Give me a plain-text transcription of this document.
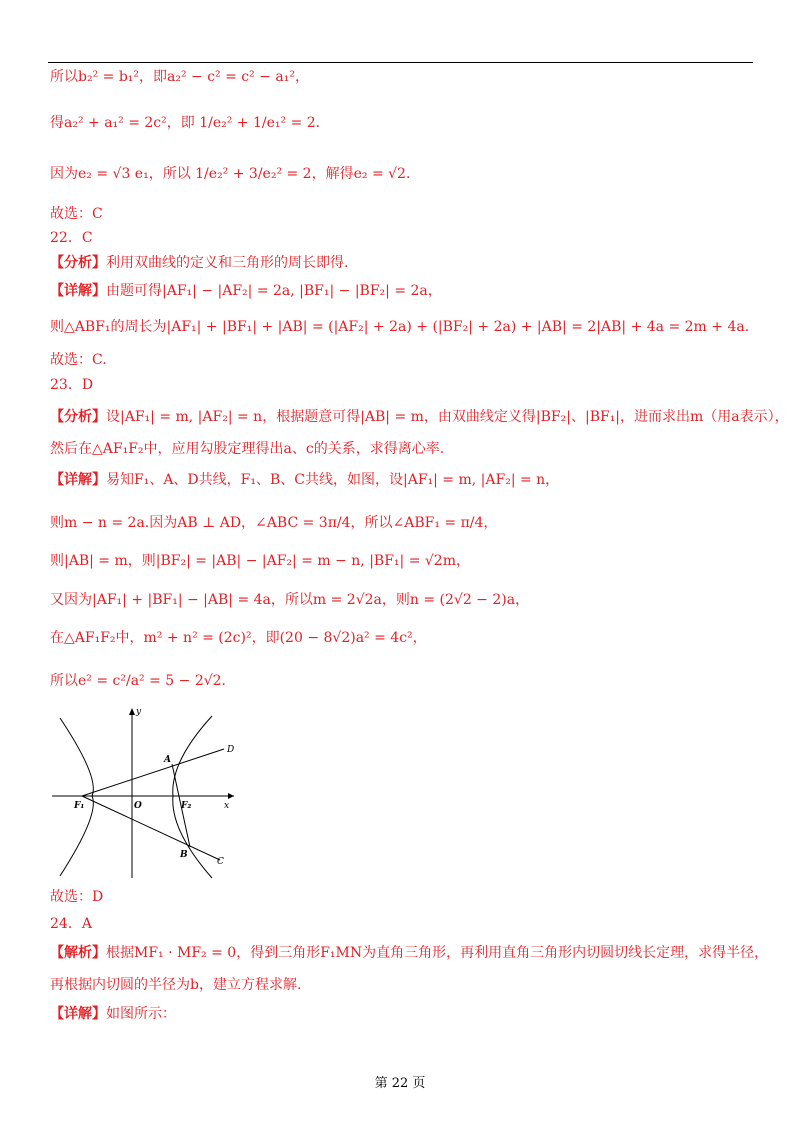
所以b₂² = b₁²，即a₂² − c² = c² − a₁²，
得a₂² + a₁² = 2c²，即 1/e₂² + 1/e₁² = 2．
因为e₂ = √3 e₁，所以 1/e₂² + 3/e₂² = 2，解得e₂ = √2．
故选：C
22．C
【分析】利用双曲线的定义和三角形的周长即得.
【详解】由题可得|AF₁| − |AF₂| = 2a, |BF₁| − |BF₂| = 2a，
则△ABF₁的周长为|AF₁| + |BF₁| + |AB| = (|AF₂| + 2a) + (|BF₂| + 2a) + |AB| = 2|AB| + 4a = 2m + 4a.
故选：C.
23．D
【分析】设|AF₁| = m, |AF₂| = n，根据题意可得|AB| = m，由双曲线定义得|BF₂|、|BF₁|，进而求出m（用a表示），
然后在△AF₁F₂中，应用勾股定理得出a、c的关系，求得离心率.
【详解】易知F₁、A、D共线，F₁、B、C共线，如图，设|AF₁| = m, |AF₂| = n，
则m − n = 2a.因为AB ⊥ AD，∠ABC = 3π/4，所以∠ABF₁ = π/4，
则|AB| = m，则|BF₂| = |AB| − |AF₂| = m − n, |BF₁| = √2m，
又因为|AF₁| + |BF₁| − |AB| = 4a，所以m = 2√2a，则n = (2√2 − 2)a，
在△AF₁F₂中，m² + n² = (2c)²，即(20 − 8√2)a² = 4c²，
所以e² = c²/a² = 5 − 2√2．
y
x
O
F₁	F₂
A
B
C
D
故选：D
24．A
【解析】根据MF₁ · MF₂ = 0，得到三角形F₁MN为直角三角形，再利用直角三角形内切圆切线长定理，求得半径，
再根据内切圆的半径为b，建立方程求解.
【详解】如图所示：
第 22 页
